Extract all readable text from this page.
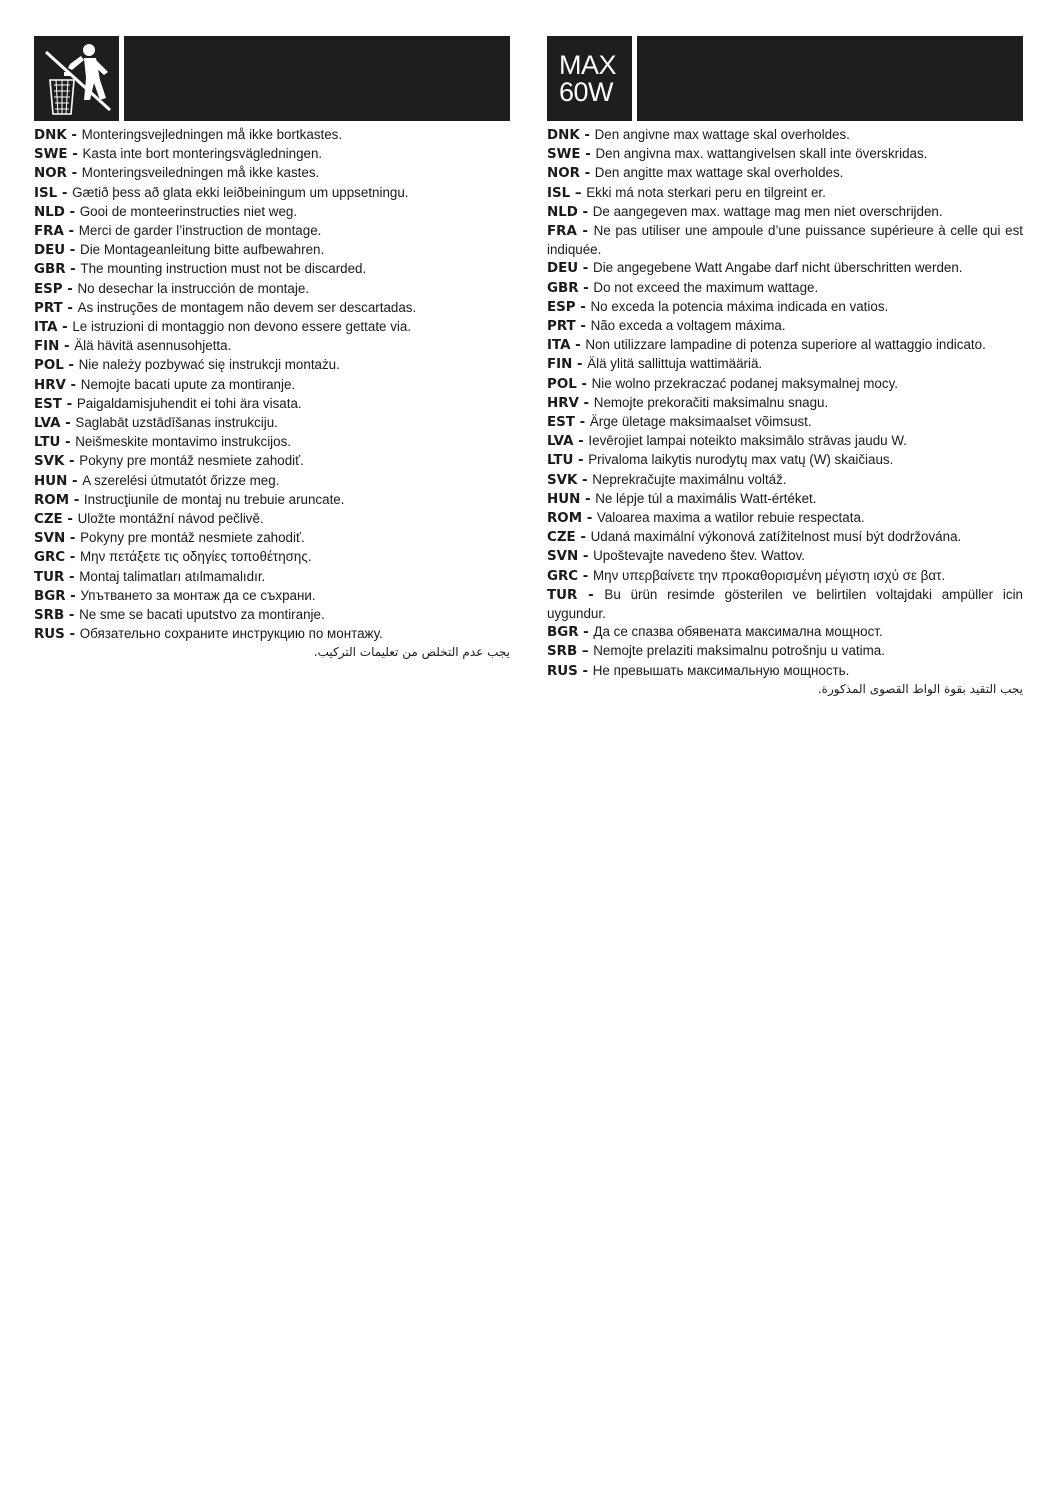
DNK - Monteringsvejledningen må ikke bortkastes.

SWE - Kasta inte bort monteringsvägledningen.

NOR - Monteringsveiledningen må ikke kastes.

ISL - Gætið þess að glata ekki leiðbeiningum um uppsetningu.

NLD - Gooi de monteerinstructies niet weg.

FRA - Merci de garder l’instruction de montage.

DEU - Die Montageanleitung bitte aufbewahren.

GBR - The mounting instruction must not be discarded.

ESP - No desechar la instrucción de montaje.

PRT - As instruções de montagem não devem ser descartadas.

ITA - Le istruzioni di montaggio non devono essere gettate via.

FIN - Älä hävitä asennusohjetta.

POL - Nie należy pozbywać się instrukcji montażu.

HRV - Nemojte bacati upute za montiranje.

EST - Paigaldamisjuhendit ei tohi ära visata.

LVA - Saglabāt uzstādīšanas instrukciju.

LTU - Neišmeskite montavimo instrukcijos.

SVK - Pokyny pre montáž nesmiete zahodiť.

HUN - A szerelési útmutatót őrizze meg.

ROM - Instrucţiunile de montaj nu trebuie aruncate.

CZE - Uložte montážní návod pečlivě.

SVN - Pokyny pre montáž nesmiete zahodiť.

GRC - Μην πετάξετε τις οδηγίες τοποθέτησης.

TUR - Montaj talimatları atılmamalıdır.

BGR - Упътването за монтаж да се съхрани.

SRB - Ne sme se bacati uputstvo za montiranje.

RUS - Обязательно сохраните инструкцию по монтажу.

يجب عدم التخلص من تعليمات التركيب.
MAX
60W

DNK - Den angivne max wattage skal overholdes.

SWE - Den angivna max. wattangivelsen skall inte överskridas.

NOR - Den angitte max wattage skal overholdes.

ISL – Ekki má nota sterkari peru en tilgreint er.

NLD - De aangegeven max. wattage mag men niet overschrijden.

FRA - Ne pas utiliser une ampoule d’une puissance supérieure à celle qui est indiquée.

DEU - Die angegebene Watt Angabe darf nicht überschritten werden.

GBR - Do not exceed the maximum wattage.

ESP - No exceda la potencia máxima indicada en vatios.

PRT - Não exceda a voltagem máxima.

ITA - Non utilizzare lampadine di potenza superiore al wattaggio indicato.

FIN - Älä ylitä sallittuja wattimääriä.

POL - Nie wolno przekraczać podanej maksymalnej mocy.

HRV - Nemojte prekoračiti maksimalnu snagu.

EST - Ärge ületage maksimaalset võimsust.

LVA - Ievērojiet lampai noteikto maksimālo strāvas jaudu W.

LTU - Privaloma laikytis nurodytų max vatų (W) skaičiaus.

SVK - Neprekračujte maximálnu voltáž.

HUN - Ne lépje túl a maximális Watt-értéket.

ROM - Valoarea maxima a watilor rebuie respectata.

CZE - Udaná maximální výkonová zatížitelnost musí být dodržována.

SVN - Upoštevajte navedeno štev. Wattov.

GRC - Μην υπερβαίνετε την προκαθορισμένη μέγιστη ισχύ σε βατ.

TUR - Bu ürün resimde gösterilen ve belirtilen voltajdaki ampüller icin uygundur.

BGR - Да се спазва обявената максимална мощност.

SRB – Nemojte prelaziti maksimalnu potrošnju u vatima.

RUS - Не превышать максимальную мощность.

يجب التقيد بقوة الواط القصوى المذكورة.
